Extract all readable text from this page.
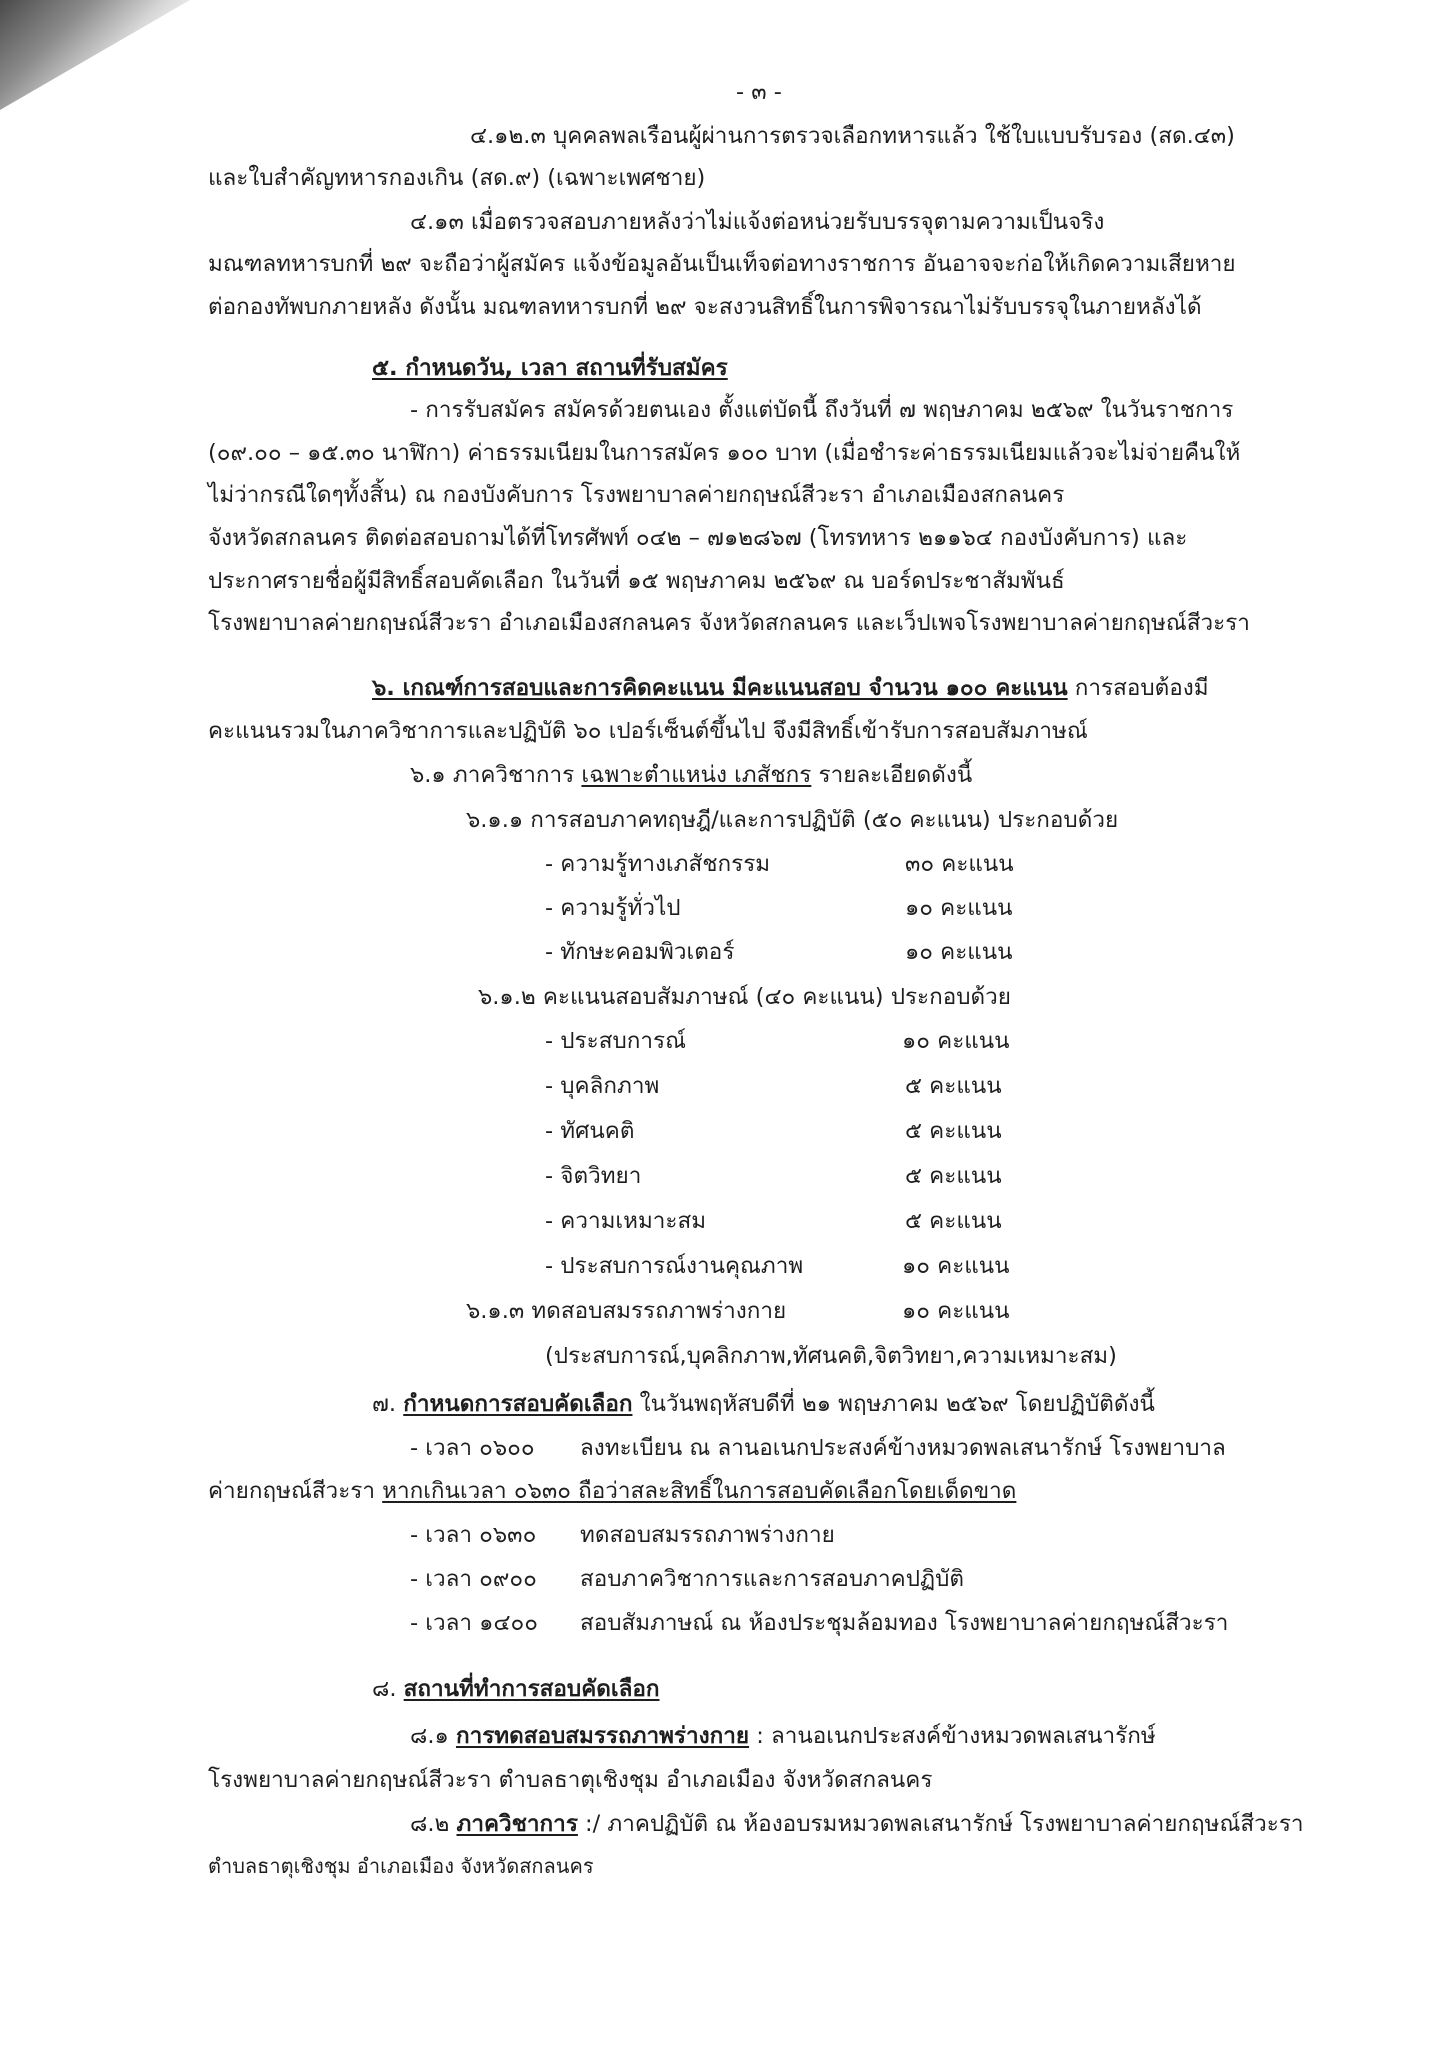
- ๓ -
๔.๑๒.๓ บุคคลพลเรือนผู้ผ่านการตรวจเลือกทหารแล้ว ใช้ใบแบบรับรอง (สด.๔๓)
และใบสำคัญทหารกองเกิน (สด.๙) (เฉพาะเพศชาย)
๔.๑๓ เมื่อตรวจสอบภายหลังว่าไม่แจ้งต่อหน่วยรับบรรจุตามความเป็นจริง
มณฑลทหารบกที่ ๒๙ จะถือว่าผู้สมัคร แจ้งข้อมูลอันเป็นเท็จต่อทางราชการ อันอาจจะก่อให้เกิดความเสียหาย
ต่อกองทัพบกภายหลัง ดังนั้น มณฑลทหารบกที่ ๒๙ จะสงวนสิทธิ์ในการพิจารณาไม่รับบรรจุในภายหลังได้
๕. กำหนดวัน, เวลา สถานที่รับสมัคร
- การรับสมัคร สมัครด้วยตนเอง ตั้งแต่บัดนี้ ถึงวันที่ ๗ พฤษภาคม ๒๕๖๙ ในวันราชการ
(๐๙.๐๐ – ๑๕.๓๐ นาฬิกา) ค่าธรรมเนียมในการสมัคร ๑๐๐ บาท (เมื่อชำระค่าธรรมเนียมแล้วจะไม่จ่ายคืนให้
ไม่ว่ากรณีใดๆทั้งสิ้น) ณ กองบังคับการ โรงพยาบาลค่ายกฤษณ์สีวะรา อำเภอเมืองสกลนคร
จังหวัดสกลนคร ติดต่อสอบถามได้ที่โทรศัพท์ ๐๔๒ – ๗๑๒๘๖๗ (โทรทหาร ๒๑๑๖๔ กองบังคับการ) และ
ประกาศรายชื่อผู้มีสิทธิ์สอบคัดเลือก ในวันที่ ๑๕ พฤษภาคม ๒๕๖๙ ณ บอร์ดประชาสัมพันธ์
โรงพยาบาลค่ายกฤษณ์สีวะรา อำเภอเมืองสกลนคร จังหวัดสกลนคร และเว็ปเพจโรงพยาบาลค่ายกฤษณ์สีวะรา
๖. เกณฑ์การสอบและการคิดคะแนน มีคะแนนสอบ จำนวน ๑๐๐ คะแนน การสอบต้องมี
คะแนนรวมในภาควิชาการและปฏิบัติ ๖๐ เปอร์เซ็นต์ขึ้นไป จึงมีสิทธิ์เข้ารับการสอบสัมภาษณ์
๖.๑ ภาควิชาการ เฉพาะตำแหน่ง เภสัชกร รายละเอียดดังนี้
๖.๑.๑ การสอบภาคทฤษฎี/และการปฏิบัติ (๕๐ คะแนน) ประกอบด้วย
- ความรู้ทางเภสัชกรรม	๓๐ คะแนน
- ความรู้ทั่วไป	๑๐ คะแนน
- ทักษะคอมพิวเตอร์	๑๐ คะแนน
๖.๑.๒ คะแนนสอบสัมภาษณ์ (๔๐ คะแนน) ประกอบด้วย
- ประสบการณ์	๑๐ คะแนน
- บุคลิกภาพ	๕ คะแนน
- ทัศนคติ	๕ คะแนน
- จิตวิทยา	๕ คะแนน
- ความเหมาะสม	๕ คะแนน
- ประสบการณ์งานคุณภาพ	๑๐ คะแนน
๖.๑.๓ ทดสอบสมรรถภาพร่างกาย	๑๐ คะแนน
(ประสบการณ์,บุคลิกภาพ,ทัศนคติ,จิตวิทยา,ความเหมาะสม)
๗. กำหนดการสอบคัดเลือก ในวันพฤหัสบดีที่ ๒๑ พฤษภาคม ๒๕๖๙ โดยปฏิบัติดังนี้
- เวลา ๐๖๐๐ ลงทะเบียน ณ ลานอเนกประสงค์ข้างหมวดพลเสนารักษ์ โรงพยาบาล
ค่ายกฤษณ์สีวะรา หากเกินเวลา ๐๖๓๐ ถือว่าสละสิทธิ์ในการสอบคัดเลือกโดยเด็ดขาด
- เวลา ๐๖๓๐ ทดสอบสมรรถภาพร่างกาย
- เวลา ๐๙๐๐ สอบภาควิชาการและการสอบภาคปฏิบัติ
- เวลา ๑๔๐๐ สอบสัมภาษณ์ ณ ห้องประชุมล้อมทอง โรงพยาบาลค่ายกฤษณ์สีวะรา
๘. สถานที่ทำการสอบคัดเลือก
๘.๑ การทดสอบสมรรถภาพร่างกาย : ลานอเนกประสงค์ข้างหมวดพลเสนารักษ์
โรงพยาบาลค่ายกฤษณ์สีวะรา ตำบลธาตุเชิงชุม อำเภอเมือง จังหวัดสกลนคร
๘.๒ ภาควิชาการ :/ ภาคปฏิบัติ ณ ห้องอบรมหมวดพลเสนารักษ์ โรงพยาบาลค่ายกฤษณ์สีวะรา
ตำบลธาตุเชิงชุม อำเภอเมือง จังหวัดสกลนคร
